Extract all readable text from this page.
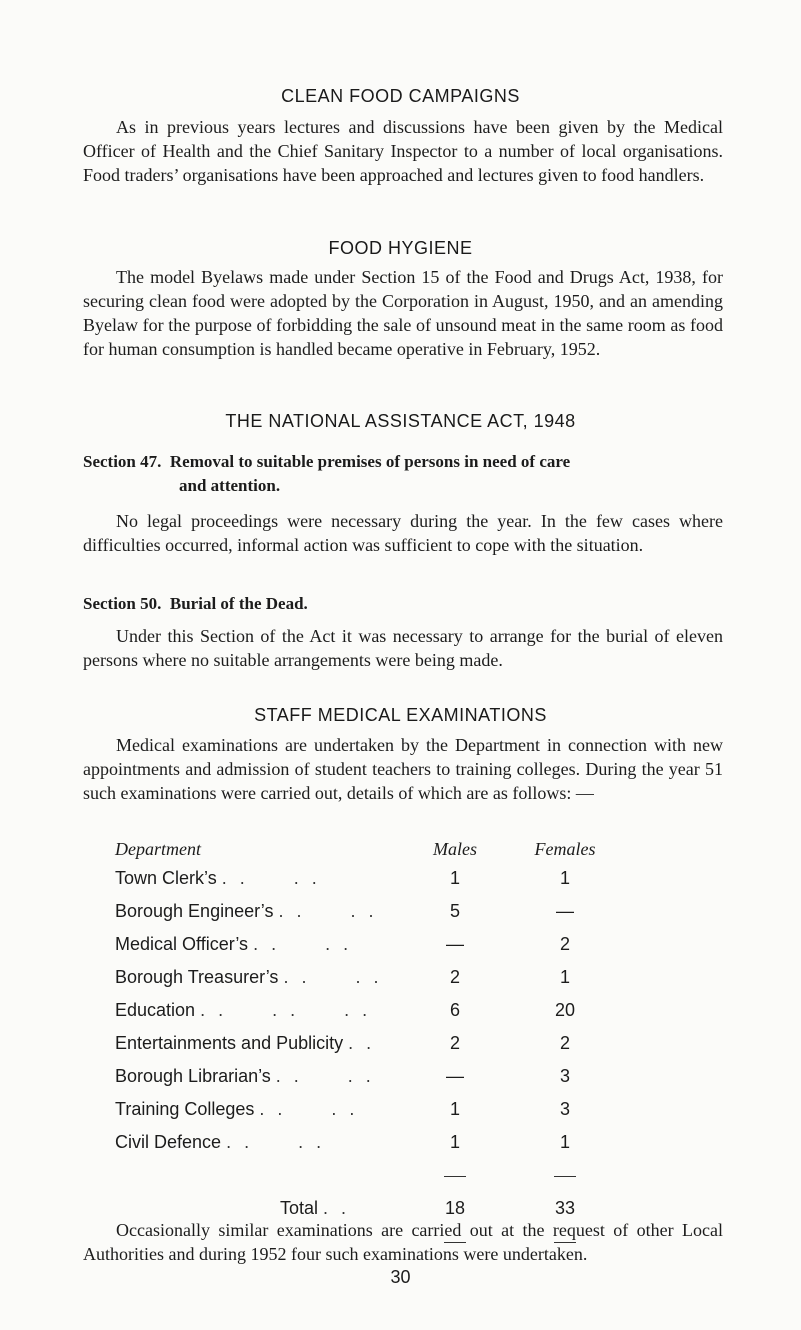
CLEAN FOOD CAMPAIGNS

As in previous years lectures and discussions have been given by the Medical Officer of Health and the Chief Sanitary Inspector to a number of local organisations. Food traders’ organisations have been approached and lectures given to food handlers.

FOOD HYGIENE

The model Byelaws made under Section 15 of the Food and Drugs Act, 1938, for securing clean food were adopted by the Corporation in August, 1950, and an amending Byelaw for the purpose of forbidding the sale of unsound meat in the same room as food for human consumption is handled became operative in February, 1952.

THE NATIONAL ASSISTANCE ACT, 1948
Section 47. Removal to suitable premises of persons in need of care
and attention.

No legal proceedings were necessary during the year. In the few cases where difficulties occurred, informal action was sufficient to cope with the situation.

Section 50. Burial of the Dead.

Under this Section of the Act it was necessary to arrange for the burial of eleven persons where no suitable arrangements were being made.

STAFF MEDICAL EXAMINATIONS

Medical examinations are undertaken by the Department in connection with new appointments and admission of student teachers to training colleges. During the year 51 such examinations were carried out, details of which are as follows: —

Department	Males	Females
Town Clerk’s . .     . .	1	1
Borough Engineer’s . .     . .	5	—
Medical Officer’s . .     . .	—	2
Borough Treasurer’s . .     . .	2	1
Education . .     . .     . .	6	20
Entertainments and Publicity . .	2	2
Borough Librarian’s . .     . .	—	3
Training Colleges . .     . .	1	3
Civil Defence . .     . .	1	1

Total . .	18	33

Occasionally similar examinations are carried out at the request of other Local Authorities and during 1952 four such examinations were undertaken.

30
